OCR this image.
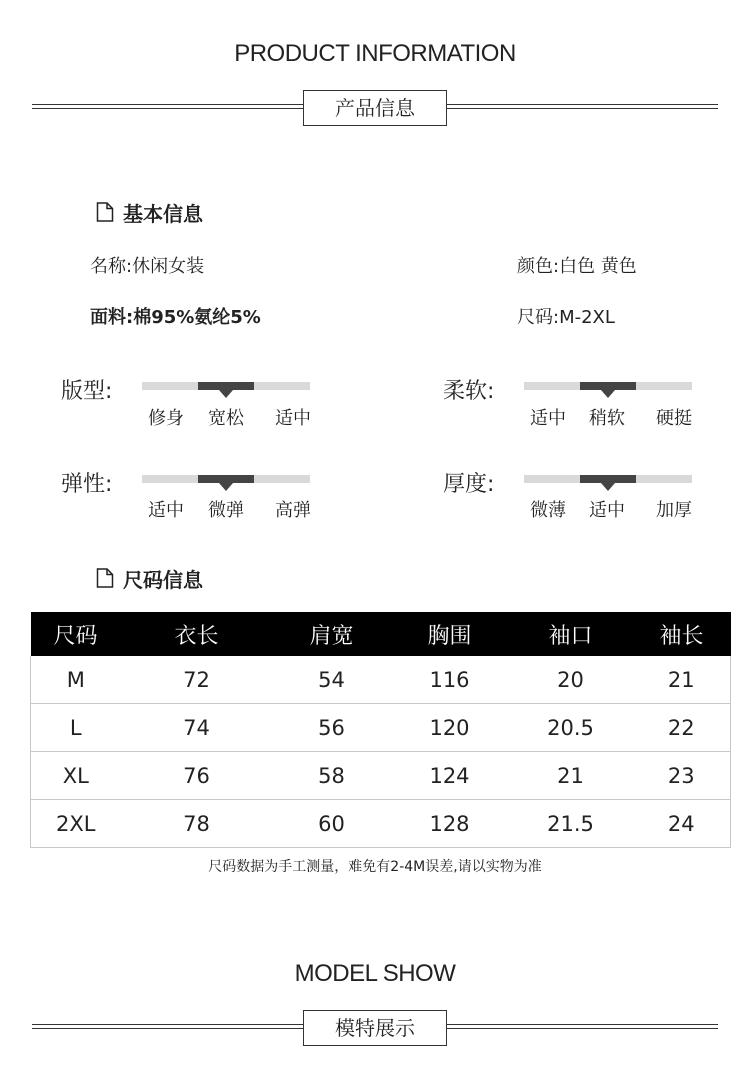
PRODUCT INFORMATION
产品信息
基本信息
名称:休闲女装	颜色:白色 黄色
面料:棉95%氨纶5%	尺码:M-2XL
版型:
修身	宽松	适中
柔软:
适中	稍软	硬挺
弹性:
适中	微弹	高弹
厚度:
微薄	适中	加厚
尺码信息
尺码	衣长	肩宽	胸围	袖口	袖长
M	72	54	116	20	21
L	74	56	120	20.5	22
XL	76	58	124	21	23
2XL	78	60	128	21.5	24
尺码数据为手工测量，难免有2-4M误差,请以实物为准
MODEL SHOW
模特展示
